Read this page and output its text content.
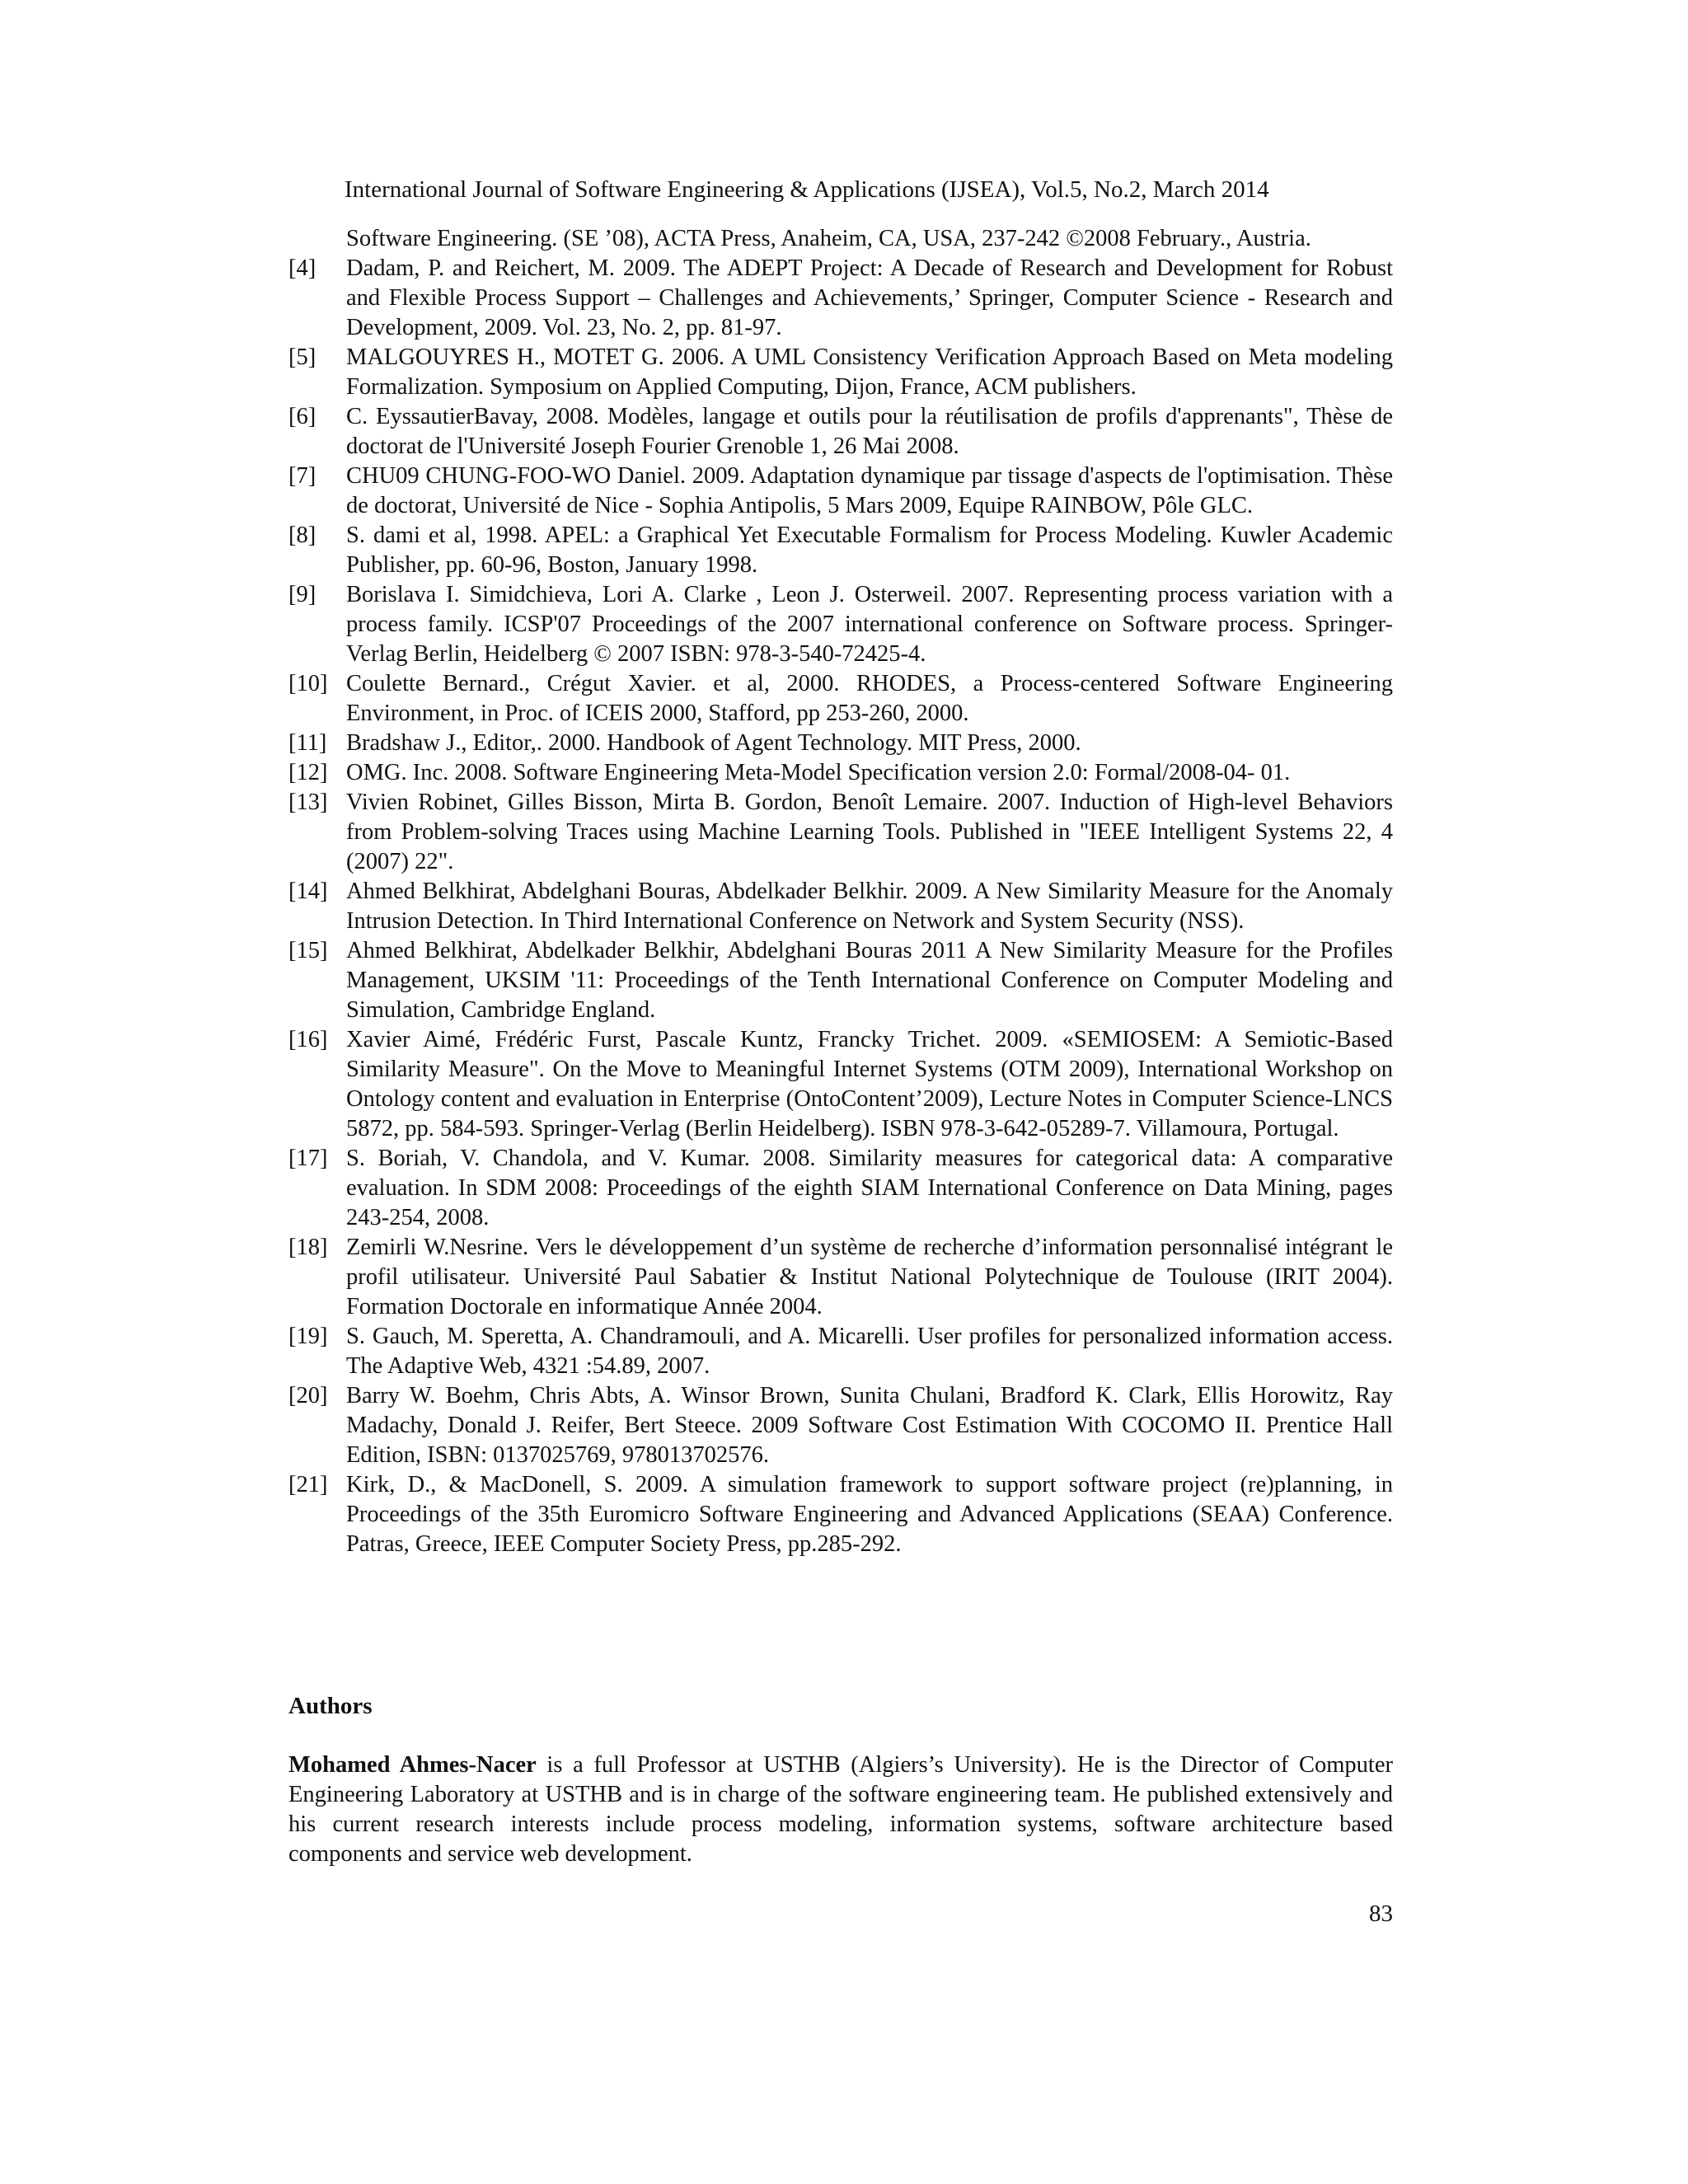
International Journal of Software Engineering & Applications (IJSEA), Vol.5, No.2, March 2014
Software Engineering. (SE ’08), ACTA Press, Anaheim, CA, USA, 237-242 ©2008 February., Austria.
[4]	Dadam, P. and Reichert, M. 2009. The ADEPT Project: A Decade of Research and Development for Robust and Flexible Process Support – Challenges and Achievements,’ Springer, Computer Science - Research and Development, 2009. Vol. 23, No. 2, pp. 81-97.
[5]	MALGOUYRES H., MOTET G. 2006. A UML Consistency Verification Approach Based on Meta modeling Formalization. Symposium on Applied Computing, Dijon, France, ACM publishers.
[6]	C. EyssautierBavay, 2008. Modèles, langage et outils pour la réutilisation de profils d'apprenants", Thèse de doctorat de l'Université Joseph Fourier Grenoble 1, 26 Mai 2008.
[7]	CHU09 CHUNG-FOO-WO Daniel. 2009. Adaptation dynamique par tissage d'aspects de l'optimisation. Thèse de doctorat, Université de Nice - Sophia Antipolis, 5 Mars 2009, Equipe RAINBOW, Pôle GLC.
[8]	S. dami et al, 1998. APEL: a Graphical Yet Executable Formalism for Process Modeling. Kuwler Academic Publisher, pp. 60-96, Boston, January 1998.
[9]	Borislava I. Simidchieva, Lori A. Clarke , Leon J. Osterweil. 2007. Representing process variation with a process family. ICSP'07 Proceedings of the 2007 international conference on Software process. Springer-Verlag Berlin, Heidelberg © 2007 ISBN: 978-3-540-72425-4.
[10] Coulette Bernard., Crégut Xavier. et al, 2000. RHODES, a Process-centered Software Engineering Environment, in Proc. of ICEIS 2000, Stafford, pp 253-260, 2000.
[11] Bradshaw J., Editor,. 2000. Handbook of Agent Technology. MIT Press, 2000.
[12] OMG. Inc. 2008. Software Engineering Meta-Model Specification version 2.0: Formal/2008-04- 01.
[13] Vivien Robinet, Gilles Bisson, Mirta B. Gordon, Benoît Lemaire. 2007. Induction of High-level Behaviors from Problem-solving Traces using Machine Learning Tools. Published in "IEEE Intelligent Systems 22, 4 (2007) 22".
[14] Ahmed Belkhirat, Abdelghani Bouras, Abdelkader Belkhir. 2009. A New Similarity Measure for the Anomaly Intrusion Detection. In Third International Conference on Network and System Security (NSS).
[15] Ahmed Belkhirat, Abdelkader Belkhir, Abdelghani Bouras 2011 A New Similarity Measure for the Profiles Management, UKSIM '11: Proceedings of the Tenth International Conference on Computer Modeling and Simulation, Cambridge England.
[16] Xavier Aimé, Frédéric Furst, Pascale Kuntz, Francky Trichet. 2009. «SEMIOSEM: A Semiotic-Based Similarity Measure". On the Move to Meaningful Internet Systems (OTM 2009), International Workshop on Ontology content and evaluation in Enterprise (OntoContent’2009), Lecture Notes in Computer Science-LNCS 5872, pp. 584-593. Springer-Verlag (Berlin Heidelberg). ISBN 978-3-642-05289-7. Villamoura, Portugal.
[17] S. Boriah, V. Chandola, and V. Kumar. 2008. Similarity measures for categorical data: A comparative evaluation. In SDM 2008: Proceedings of the eighth SIAM International Conference on Data Mining, pages 243-254, 2008.
[18] Zemirli W.Nesrine. Vers le développement d’un système de recherche d’information personnalisé intégrant le profil utilisateur. Université Paul Sabatier & Institut National Polytechnique de Toulouse (IRIT 2004). Formation Doctorale en informatique Année 2004.
[19] S. Gauch, M. Speretta, A. Chandramouli, and A. Micarelli. User profiles for personalized information access. The Adaptive Web, 4321 :54.89, 2007.
[20] Barry W. Boehm, Chris Abts, A. Winsor Brown, Sunita Chulani, Bradford K. Clark, Ellis Horowitz, Ray Madachy, Donald J. Reifer, Bert Steece. 2009 Software Cost Estimation With COCOMO II. Prentice Hall Edition, ISBN: 0137025769, 978013702576.
[21] Kirk, D., & MacDonell, S. 2009. A simulation framework to support software project (re)planning, in Proceedings of the 35th Euromicro Software Engineering and Advanced Applications (SEAA) Conference. Patras, Greece, IEEE Computer Society Press, pp.285-292.
Authors
Mohamed Ahmes-Nacer is a full Professor at USTHB (Algiers’s University). He is the Director of Computer Engineering Laboratory at USTHB and is in charge of the software engineering team. He published extensively and his current research interests include process modeling, information systems, software architecture based components and service web development.
83
